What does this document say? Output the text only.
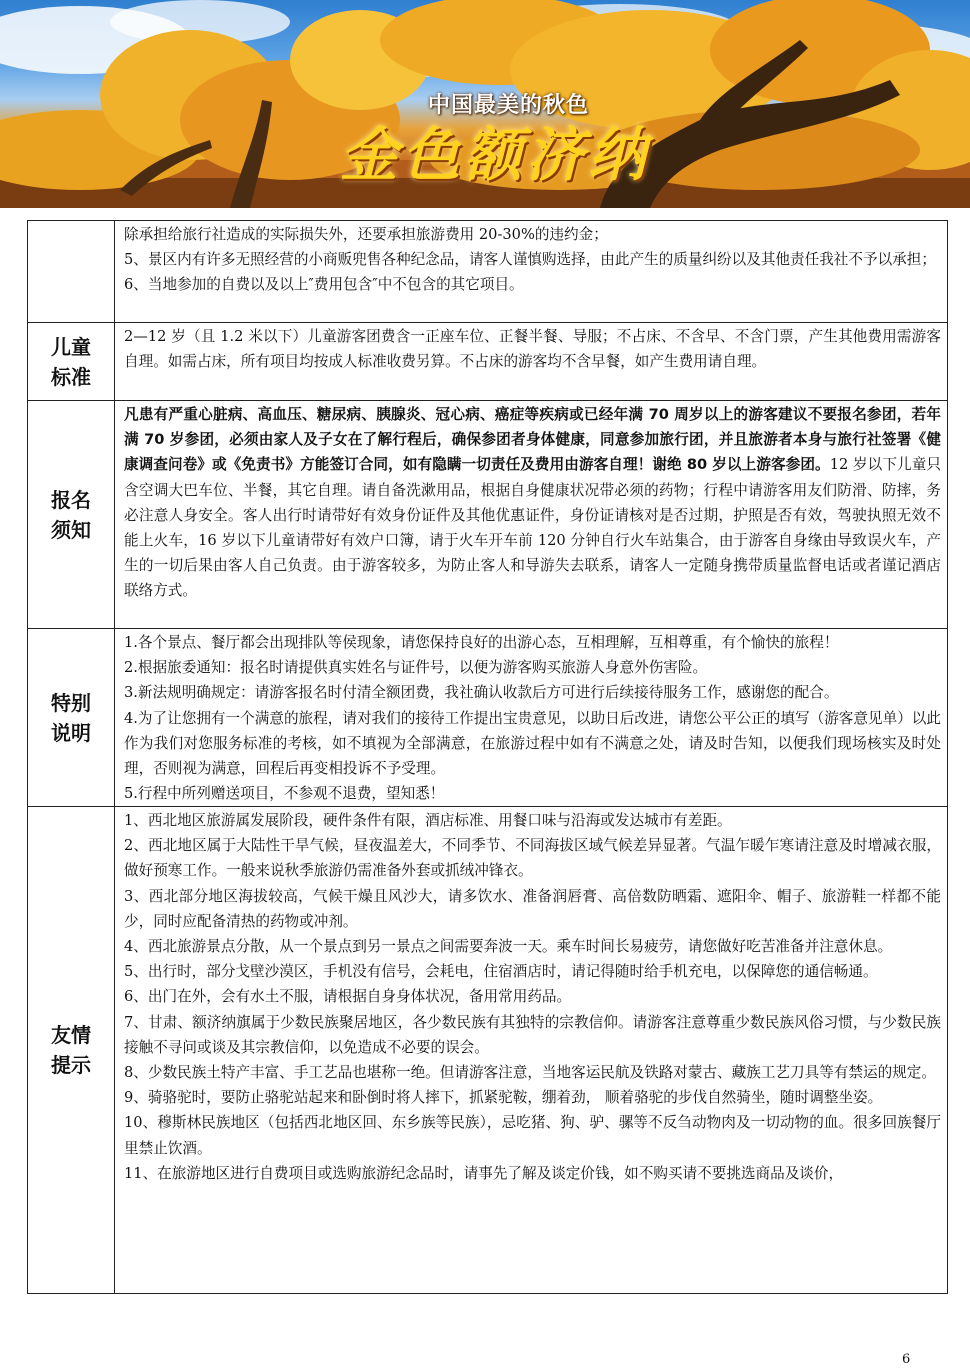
中国最美的秋色
金色额济纳

除承担给旅行社造成的实际损失外，还要承担旅游费用 20-30%的违约金；

5、景区内有许多无照经营的小商贩兜售各种纪念品，请客人谨慎购选择，由此产生的质量纠纷以及其他责任我社不予以承担；

6、当地参加的自费以及以上″费用包含″中不包含的其它项目。

儿童标准

2—12 岁（且 1.2 米以下）儿童游客团费含一正座车位、正餐半餐、导服；不占床、不含早、不含门票，产生其他费用需游客自理。如需占床，所有项目均按成人标准收费另算。不占床的游客均不含早餐，如产生费用请自理。

报名须知

凡患有严重心脏病、高血压、糖尿病、胰腺炎、冠心病、癌症等疾病或已经年满 70 周岁以上的游客建议不要报名参团，若年满 70 岁参团，必须由家人及子女在了解行程后，确保参团者身体健康，同意参加旅行团，并且旅游者本身与旅行社签署《健康调查问卷》或《免责书》方能签订合同，如有隐瞒一切责任及费用由游客自理！谢绝 80 岁以上游客参团。12 岁以下儿童只含空调大巴车位、半餐，其它自理。请自备洗漱用品，根据自身健康状况带必须的药物；行程中请游客用友们防滑、防摔，务必注意人身安全。客人出行时请带好有效身份证件及其他优惠证件，身份证请核对是否过期，护照是否有效，驾驶执照无效不能上火车，16 岁以下儿童请带好有效户口簿，请于火车开车前 120 分钟自行火车站集合，由于游客自身缘由导致误火车，产生的一切后果由客人自己负责。由于游客较多，为防止客人和导游失去联系，请客人一定随身携带质量监督电话或者谨记酒店联络方式。

特别说明

1.各个景点、餐厅都会出现排队等侯现象，请您保持良好的出游心态，互相理解，互相尊重，有个愉快的旅程！

2.根据旅委通知：报名时请提供真实姓名与证件号，以便为游客购买旅游人身意外伤害险。

3.新法规明确规定：请游客报名时付清全额团费，我社确认收款后方可进行后续接待服务工作，感谢您的配合。

4.为了让您拥有一个满意的旅程，请对我们的接待工作提出宝贵意见，以助日后改进，请您公平公正的填写（游客意见单）以此作为我们对您服务标准的考核，如不填视为全部满意，在旅游过程中如有不满意之处，请及时告知，以便我们现场核实及时处理，否则视为满意，回程后再变相投诉不予受理。

5.行程中所列赠送项目，不参观不退费，望知悉！

友情提示

1、西北地区旅游属发展阶段，硬件条件有限，酒店标准、用餐口味与沿海或发达城市有差距。

2、西北地区属于大陆性干旱气候，昼夜温差大，不同季节、不同海拔区域气候差异显著。气温乍暖乍寒请注意及时增减衣服，做好预寒工作。一般来说秋季旅游仍需准备外套或抓绒冲锋衣。

3、西北部分地区海拔较高，气候干燥且风沙大，请多饮水、准备润唇膏、高倍数防晒霜、遮阳伞、帽子、旅游鞋一样都不能少，同时应配备清热的药物或冲剂。

4、西北旅游景点分散，从一个景点到另一景点之间需要奔波一天。乘车时间长易疲劳，请您做好吃苦准备并注意休息。

5、出行时，部分戈壁沙漠区，手机没有信号，会耗电，住宿酒店时，请记得随时给手机充电，以保障您的通信畅通。

6、出门在外，会有水土不服，请根据自身身体状况，备用常用药品。

7、甘肃、额济纳旗属于少数民族聚居地区，各少数民族有其独特的宗教信仰。请游客注意尊重少数民族风俗习惯，与少数民族接触不寻问或谈及其宗教信仰，以免造成不必要的误会。

8、少数民族土特产丰富、手工艺品也堪称一绝。但请游客注意，当地客运民航及铁路对蒙古、藏族工艺刀具等有禁运的规定。

9、骑骆驼时，要防止骆驼站起来和卧倒时将人摔下，抓紧驼鞍，绷着劲， 顺着骆驼的步伐自然骑坐，随时调整坐姿。

10、穆斯林民族地区（包括西北地区回、东乡族等民族），忌吃猪、狗、驴、骡等不反刍动物肉及一切动物的血。很多回族餐厅里禁止饮酒。

11、在旅游地区进行自费项目或选购旅游纪念品时，请事先了解及谈定价钱，如不购买请不要挑选商品及谈价，

6
